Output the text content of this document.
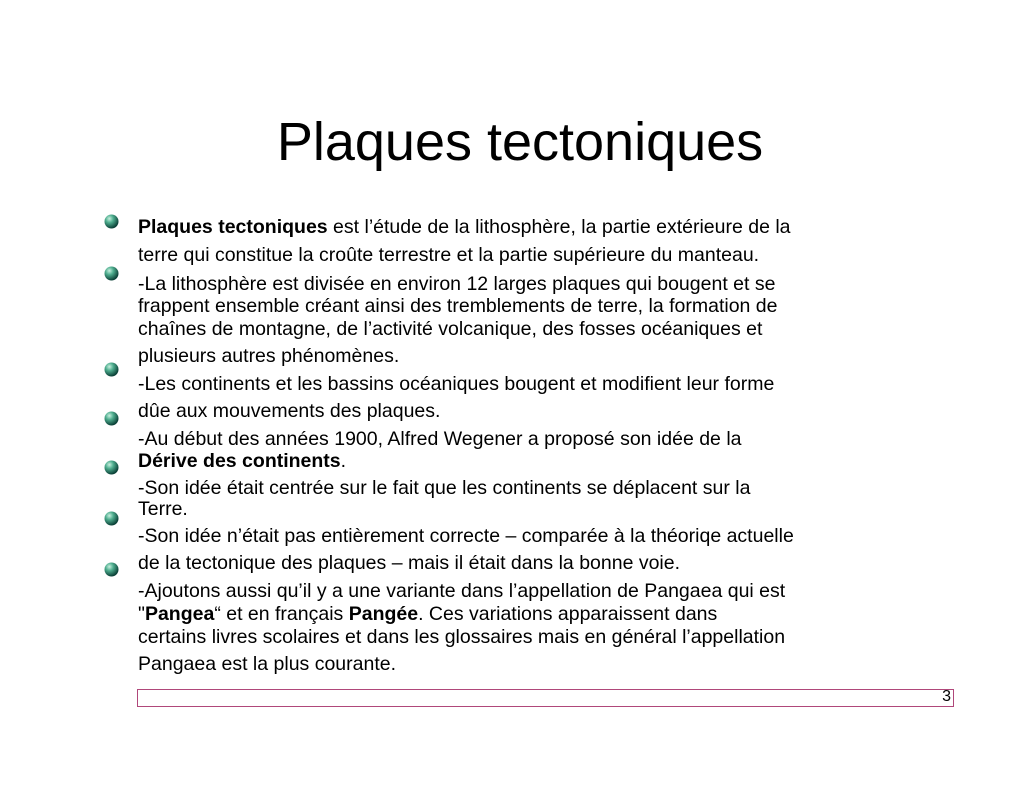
Plaques tectoniques
Plaques tectoniques est l’étude de la lithosphère, la partie extérieure de la
terre qui constitue la croûte terrestre et la partie supérieure du manteau.
-La lithosphère est divisée en environ 12 larges plaques qui bougent et se
frappent ensemble créant ainsi des tremblements de terre, la formation de
chaînes de montagne, de l’activité volcanique, des fosses océaniques et
plusieurs autres phénomènes.
-Les continents et les bassins océaniques bougent et modifient leur forme
dûe aux mouvements des plaques.
-Au début des années 1900, Alfred Wegener a proposé son idée de la
Dérive des continents.
-Son idée était centrée sur le fait que les continents se déplacent sur la
Terre.
-Son idée n’était pas entièrement correcte – comparée à la théoriqe actuelle
de la tectonique des plaques – mais il était dans la bonne voie.
-Ajoutons aussi qu’il y a une variante dans l’appellation de Pangaea qui est
"Pangea“ et en français Pangée. Ces variations apparaissent dans
certains livres scolaires et dans les glossaires mais en général l’appellation
Pangaea est la plus courante.
3
